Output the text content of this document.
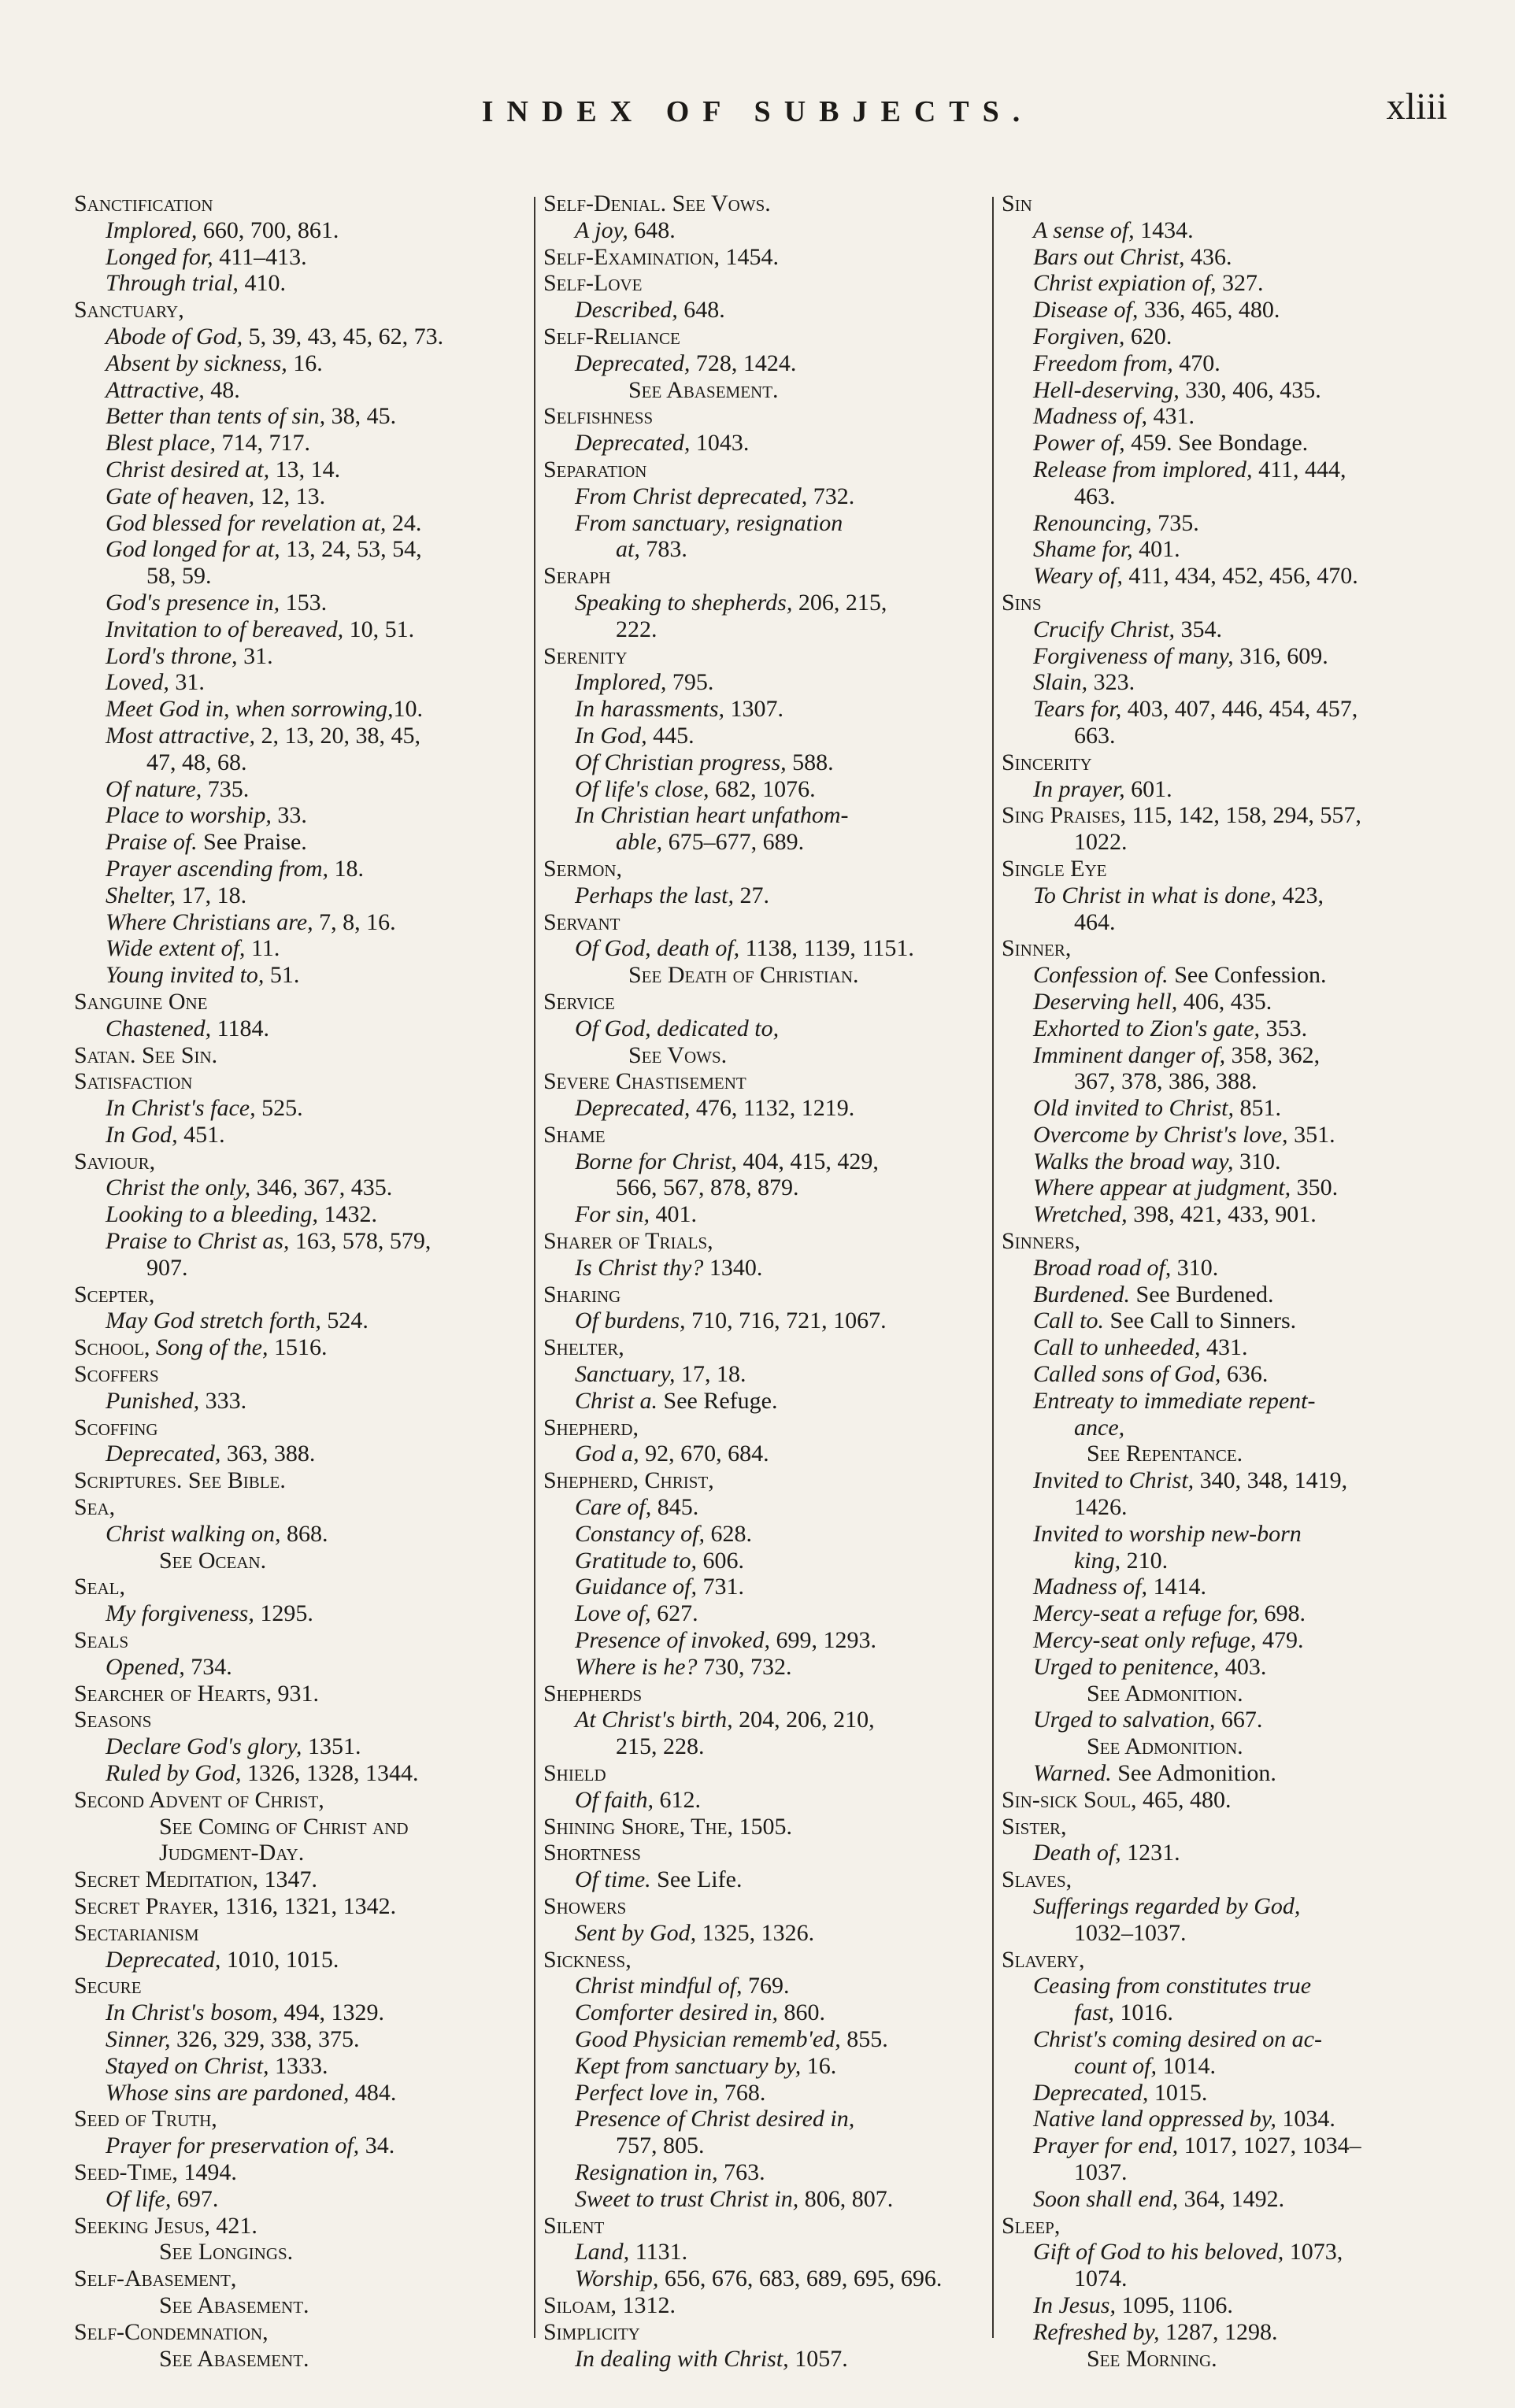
INDEX OF SUBJECTS.	xliii
Sanctification
Implored, 660, 700, 861.
Longed for, 411–413.
Through trial, 410.
Sanctuary,
Abode of God, 5, 39, 43, 45, 62, 73.
Absent by sickness, 16.
Attractive, 48.
Better than tents of sin, 38, 45.
Blest place, 714, 717.
Christ desired at, 13, 14.
Gate of heaven, 12, 13.
God blessed for revelation at, 24.
God longed for at, 13, 24, 53, 54,
58, 59.
God's presence in, 153.
Invitation to of bereaved, 10, 51.
Lord's throne, 31.
Loved, 31.
Meet God in, when sorrowing,10.
Most attractive, 2, 13, 20, 38, 45,
47, 48, 68.
Of nature, 735.
Place to worship, 33.
Praise of. See Praise.
Prayer ascending from, 18.
Shelter, 17, 18.
Where Christians are, 7, 8, 16.
Wide extent of, 11.
Young invited to, 51.
Sanguine One
Chastened, 1184.
Satan. See Sin.
Satisfaction
In Christ's face, 525.
In God, 451.
Saviour,
Christ the only, 346, 367, 435.
Looking to a bleeding, 1432.
Praise to Christ as, 163, 578, 579,
907.
Scepter,
May God stretch forth, 524.
School, Song of the, 1516.
Scoffers
Punished, 333.
Scoffing
Deprecated, 363, 388.
Scriptures. See Bible.
Sea,
Christ walking on, 868.
See Ocean.
Seal,
My forgiveness, 1295.
Seals
Opened, 734.
Searcher of Hearts, 931.
Seasons
Declare God's glory, 1351.
Ruled by God, 1326, 1328, 1344.
Second Advent of Christ,
See Coming of Christ and
Judgment-Day.
Secret Meditation, 1347.
Secret Prayer, 1316, 1321, 1342.
Sectarianism
Deprecated, 1010, 1015.
Secure
In Christ's bosom, 494, 1329.
Sinner, 326, 329, 338, 375.
Stayed on Christ, 1333.
Whose sins are pardoned, 484.
Seed of Truth,
Prayer for preservation of, 34.
Seed-Time, 1494.
Of life, 697.
Seeking Jesus, 421.
See Longings.
Self-Abasement,
See Abasement.
Self-Condemnation,
See Abasement.
Self-Denial. See Vows.
A joy, 648.
Self-Examination, 1454.
Self-Love
Described, 648.
Self-Reliance
Deprecated, 728, 1424.
See Abasement.
Selfishness
Deprecated, 1043.
Separation
From Christ deprecated, 732.
From sanctuary, resignation
at, 783.
Seraph
Speaking to shepherds, 206, 215,
222.
Serenity
Implored, 795.
In harassments, 1307.
In God, 445.
Of Christian progress, 588.
Of life's close, 682, 1076.
In Christian heart unfathom-
able, 675–677, 689.
Sermon,
Perhaps the last, 27.
Servant
Of God, death of, 1138, 1139, 1151.
See Death of Christian.
Service
Of God, dedicated to,
See Vows.
Severe Chastisement
Deprecated, 476, 1132, 1219.
Shame
Borne for Christ, 404, 415, 429,
566, 567, 878, 879.
For sin, 401.
Sharer of Trials,
Is Christ thy? 1340.
Sharing
Of burdens, 710, 716, 721, 1067.
Shelter,
Sanctuary, 17, 18.
Christ a. See Refuge.
Shepherd,
God a, 92, 670, 684.
Shepherd, Christ,
Care of, 845.
Constancy of, 628.
Gratitude to, 606.
Guidance of, 731.
Love of, 627.
Presence of invoked, 699, 1293.
Where is he? 730, 732.
Shepherds
At Christ's birth, 204, 206, 210,
215, 228.
Shield
Of faith, 612.
Shining Shore, The, 1505.
Shortness
Of time. See Life.
Showers
Sent by God, 1325, 1326.
Sickness,
Christ mindful of, 769.
Comforter desired in, 860.
Good Physician rememb'ed, 855.
Kept from sanctuary by, 16.
Perfect love in, 768.
Presence of Christ desired in,
757, 805.
Resignation in, 763.
Sweet to trust Christ in, 806, 807.
Silent
Land, 1131.
Worship, 656, 676, 683, 689, 695, 696.
Siloam, 1312.
Simplicity
In dealing with Christ, 1057.
Sin
A sense of, 1434.
Bars out Christ, 436.
Christ expiation of, 327.
Disease of, 336, 465, 480.
Forgiven, 620.
Freedom from, 470.
Hell-deserving, 330, 406, 435.
Madness of, 431.
Power of, 459. See Bondage.
Release from implored, 411, 444,
463.
Renouncing, 735.
Shame for, 401.
Weary of, 411, 434, 452, 456, 470.
Sins
Crucify Christ, 354.
Forgiveness of many, 316, 609.
Slain, 323.
Tears for, 403, 407, 446, 454, 457,
663.
Sincerity
In prayer, 601.
Sing Praises, 115, 142, 158, 294, 557,
1022.
Single Eye
To Christ in what is done, 423,
464.
Sinner,
Confession of. See Confession.
Deserving hell, 406, 435.
Exhorted to Zion's gate, 353.
Imminent danger of, 358, 362,
367, 378, 386, 388.
Old invited to Christ, 851.
Overcome by Christ's love, 351.
Walks the broad way, 310.
Where appear at judgment, 350.
Wretched, 398, 421, 433, 901.
Sinners,
Broad road of, 310.
Burdened. See Burdened.
Call to. See Call to Sinners.
Call to unheeded, 431.
Called sons of God, 636.
Entreaty to immediate repent-
ance,
See Repentance.
Invited to Christ, 340, 348, 1419,
1426.
Invited to worship new-born
king, 210.
Madness of, 1414.
Mercy-seat a refuge for, 698.
Mercy-seat only refuge, 479.
Urged to penitence, 403.
See Admonition.
Urged to salvation, 667.
See Admonition.
Warned. See Admonition.
Sin-sick Soul, 465, 480.
Sister,
Death of, 1231.
Slaves,
Sufferings regarded by God,
1032–1037.
Slavery,
Ceasing from constitutes true
fast, 1016.
Christ's coming desired on ac-
count of, 1014.
Deprecated, 1015.
Native land oppressed by, 1034.
Prayer for end, 1017, 1027, 1034–
1037.
Soon shall end, 364, 1492.
Sleep,
Gift of God to his beloved, 1073,
1074.
In Jesus, 1095, 1106.
Refreshed by, 1287, 1298.
See Morning.
